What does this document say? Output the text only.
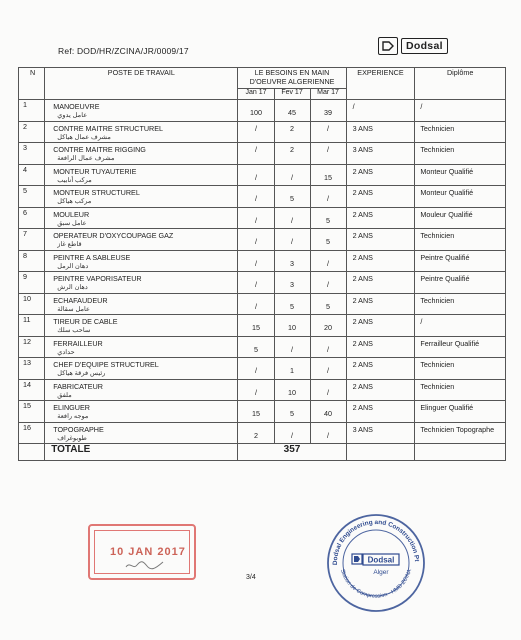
Ref: DOD/HR/ZCINA/JR/0009/17	Dodsal
N	POSTE DE TRAVAIL	LE BESOINS EN MAIN D'OEUVRE ALGERIENNE			EXPERIENCE	Diplôme
		Jan 17	Fev 17	Mar 17		
1	MANOEUVRE
عامل يدوي	100	45	39	/	/

2	CONTRE MAITRE STRUCTUREL
مشرف عمال هياكل	/	2	/	3 ANS	Technicien

3	CONTRE MAITRE RIGGING
مشرف عمال الرافعة	/	2	/	3 ANS	Technicien

4	MONTEUR TUYAUTERIE
مركب أنابيب	/	/	15	2 ANS	Monteur Qualifié

5	MONTEUR STRUCTUREL
مركب هياكل	/	5	/	2 ANS	Monteur Qualifié

6	MOULEUR
عامل سبق	/	/	5	2 ANS	Mouleur Qualifié

7	OPERATEUR D'OXYCOUPAGE GAZ
قاطع غاز	/	/	5	2 ANS	Technicien

8	PEINTRE A SABLEUSE
دهان الرمل	/	3	/	2 ANS	Peintre Qualifié

9	PEINTRE VAPORISATEUR
دهان الرش	/	3	/	2 ANS	Peintre Qualifié

10	ECHAFAUDEUR
عامل سقالة	/	5	5	2 ANS	Technicien

11	TIREUR DE CABLE
ساحب سلك	15	10	20	2 ANS	/

12	FERRAILLEUR
حدادي	5	/	/	2 ANS	Ferrailleur Qualifié

13	CHEF D'EQUIPE STRUCTUREL
رئيس فرقة هياكل	/	1	/	2 ANS	Technicien

14	FABRICATEUR
ملفق	/	10	/	2 ANS	Technicien

15	ELINGUER
موجه رافعة	15	5	40	2 ANS	Elinguer Qualifié

16	TOPOGRAPHE
طوبوغراف	2	/	/	3 ANS	Technicien Topographe

	TOTALE	357				
10 JAN 2017
3/4
Dodsal Engineering and Construction Pt
Station de Compression - HMD ZCINA
Dodsal
Alger
